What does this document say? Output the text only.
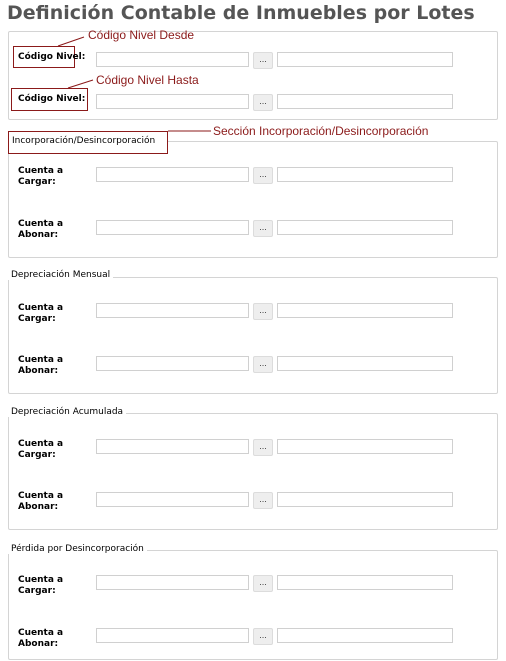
Definición Contable de Inmuebles por Lotes
Código Nivel:	...
Código Nivel:	...
Incorporación/Desincorporación
Cuenta a Cargar:
...
Cuenta a Abonar:
...
Depreciación Mensual
Cuenta a Cargar:
...
Cuenta a Abonar:
...
Depreciación Acumulada
Cuenta a Cargar:
...
Cuenta a Abonar:
...
Pérdida por Desincorporación
Cuenta a Cargar:
...
Cuenta a Abonar:
...
Código Nivel Desde
Código Nivel Hasta
Sección Incorporación/Desincorporación
